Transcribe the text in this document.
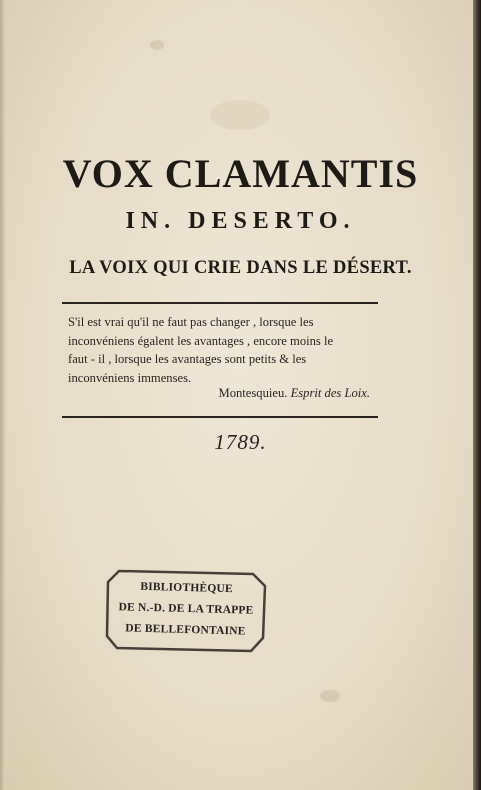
VOX CLAMANTIS
IN. DESERTO.
LA VOIX QUI CRIE DANS LE DÉSERT.

S'il est vrai qu'il ne faut pas changer , lorsque les
inconvéniens égalent les avantages , encore moins le
faut - il , lorsque les avantages sont petits & les
inconvéniens immenses.

Montesquieu. Esprit des Loix.
1789.
BIBLIOTHÈQUE
DE N.-D. DE LA TRAPPE
DE BELLEFONTAINE
